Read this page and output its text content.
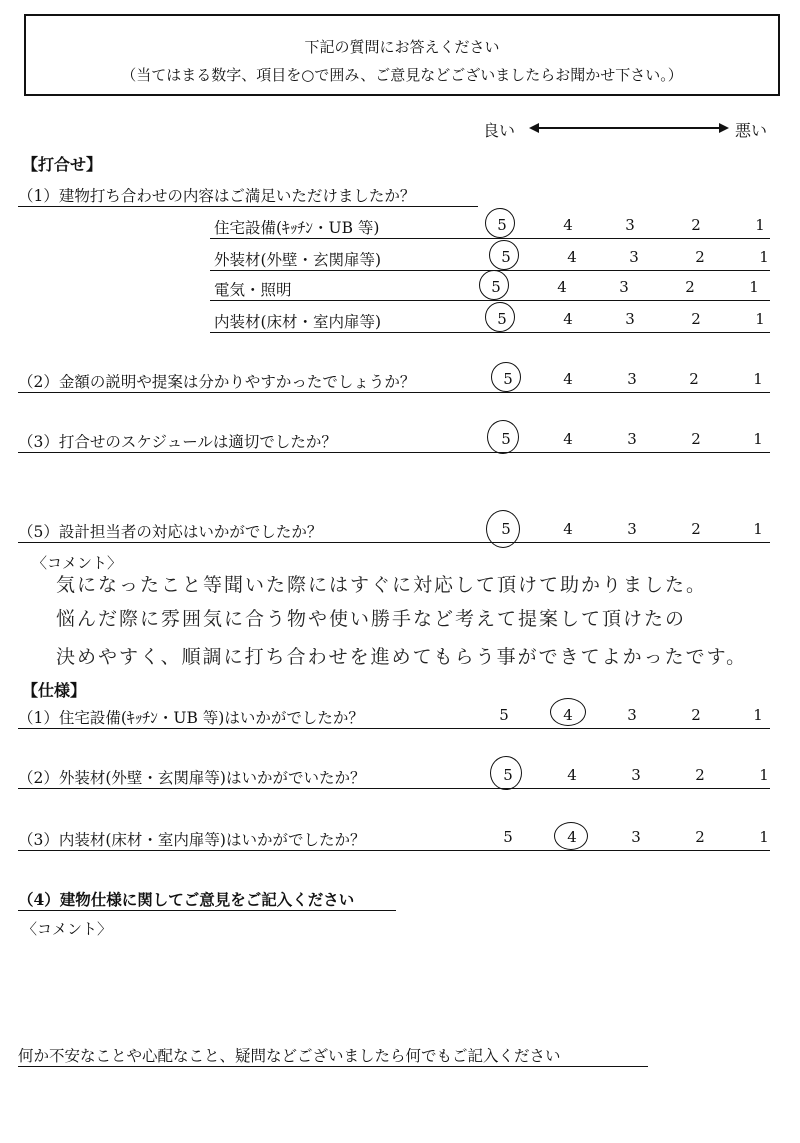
下記の質問にお答えください
（当てはまる数字、項目を○で囲み、ご意見などございましたらお聞かせ下さい。）
良い	悪い
【打合せ】
（1）建物打ち合わせの内容はご満足いただけましたか？
住宅設備(ｷｯﾁﾝ・UB 等)	5	4	3	2	1
外装材(外壁・玄関扉等)	5	4	3	2	1
電気・照明	5	4	3	2	1
内装材(床材・室内扉等)	5	4	3	2	1
（2）金額の説明や提案は分かりやすかったでしょうか？	5	4	3	2	1
（3）打合せのスケジュールは適切でしたか？	5	4	3	2	1
（5）設計担当者の対応はいかがでしたか？	5	4	3	2	1
〈コメント〉
気になったこと等聞いた際にはすぐに対応して頂けて助かりました。
悩んだ際に雰囲気に合う物や使い勝手など考えて提案して頂けたの
決めやすく、順調に打ち合わせを進めてもらう事ができてよかったです。
【仕様】
（1）住宅設備(ｷｯﾁﾝ・UB 等)はいかがでしたか？	5	4	3	2	1
（2）外装材(外壁・玄関扉等)はいかがでいたか？	5	4	3	2	1
（3）内装材(床材・室内扉等)はいかがでしたか？	5	4	3	2	1
（4）建物仕様に関してご意見をご記入ください
〈コメント〉
何か不安なことや心配なこと、疑問などございましたら何でもご記入ください
